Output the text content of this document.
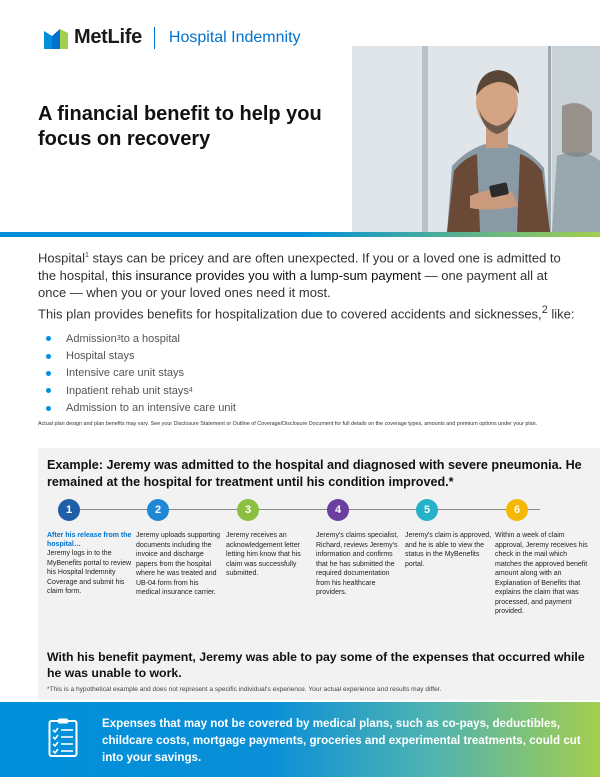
MetLife Hospital Indemnity
A financial benefit to help you focus on recovery

Hospital$^1$ stays can be pricey and are often unexpected. If you or a loved one is admitted to the hospital, this insurance provides you with a lump-sum payment — one payment all at once — when you or your loved ones need it most.

This plan provides benefits for hospitalization due to covered accidents and sicknesses,$^2$ like:

Admission 3 to a hospital
Hospital stays
Intensive care unit stays
Inpatient rehab unit stays 4
Admission to an intensive care unit

Actual plan design and plan benefits may vary. See your Disclosure Statement or Outline of Coverage/Disclosure Document for full details on the coverage types, amounts and premium options under your plan.

Example: Jeremy was admitted to the hospital and diagnosed with severe pneumonia. He remained at the hospital for treatment until his condition improved.*
1
After his release from the hospital…
Jeremy logs in to the MyBenefits portal to review his Hospital Indemnity Coverage and submit his claim form.
2
Jeremy uploads supporting documents including the invoice and discharge papers from the hospital where he was treated and UB-04 form from his medical insurance carrier.
3
Jeremy receives an acknowledgement letter letting him know that his claim was successfully submitted.
4
Jeremy's claims specialist, Richard, reviews Jeremy's information and confirms that he has submitted the required documentation from his healthcare providers.
5
Jeremy's claim is approved, and he is able to view the status in the MyBenefits portal.
6
Within a week of claim approval, Jeremy receives his check in the mail which matches the approved benefit amount along with an Explanation of Benefits that explains the claim that was processed, and payment provided.

With his benefit payment, Jeremy was able to pay some of the expenses that occurred while he was unable to work.

*This is a hypothetical example and does not represent a specific individual's experience. Your actual experience and results may differ.

Expenses that may not be covered by medical plans, such as co-pays, deductibles, childcare costs, mortgage payments, groceries and experimental treatments, could cut into your savings.
